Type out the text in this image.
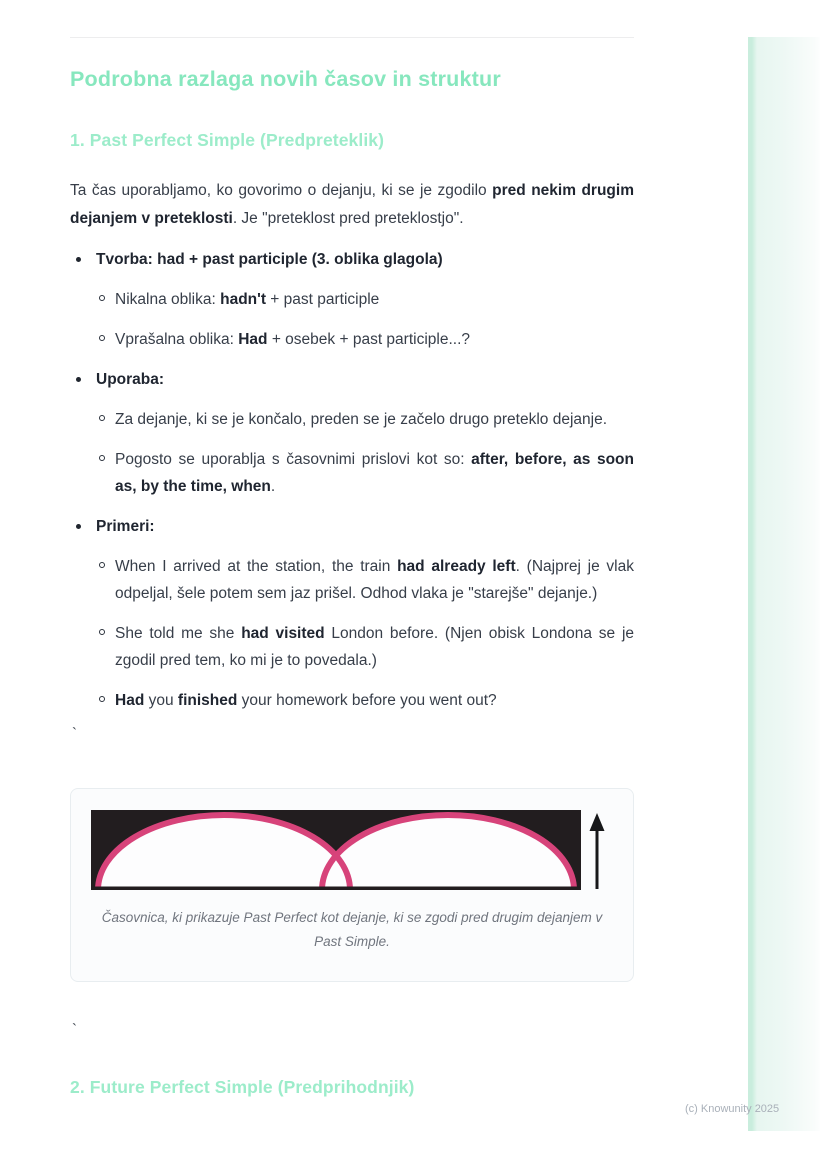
Podrobna razlaga novih časov in struktur
1. Past Perfect Simple (Predpreteklik)

Ta čas uporabljamo, ko govorimo o dejanju, ki se je zgodilo pred nekim drugim dejanjem v preteklosti. Je "preteklost pred preteklostjo".

Tvorba: had + past participle (3. oblika glagola)
Nikalna oblika: hadn't + past participle
Vprašalna oblika: Had + osebek + past participle...?
Uporaba:
Za dejanje, ki se je končalo, preden se je začelo drugo preteklo dejanje.
Pogosto se uporablja s časovnimi prislovi kot so: after, before, as soon as, by the time, when.
Primeri:
When I arrived at the station, the train had already left. (Najprej je vlak odpeljal, šele potem sem jaz prišel. Odhod vlaka je "starejše" dejanje.)
She told me she had visited London before. (Njen obisk Londona se je zgodil pred tem, ko mi je to povedala.)
Had you finished your homework before you went out?
`
Časovnica, ki prikazuje Past Perfect kot dejanje, ki se zgodi pred drugim dejanjem v Past Simple.
`
2. Future Perfect Simple (Predprihodnjik)
(c) Knowunity 2025
